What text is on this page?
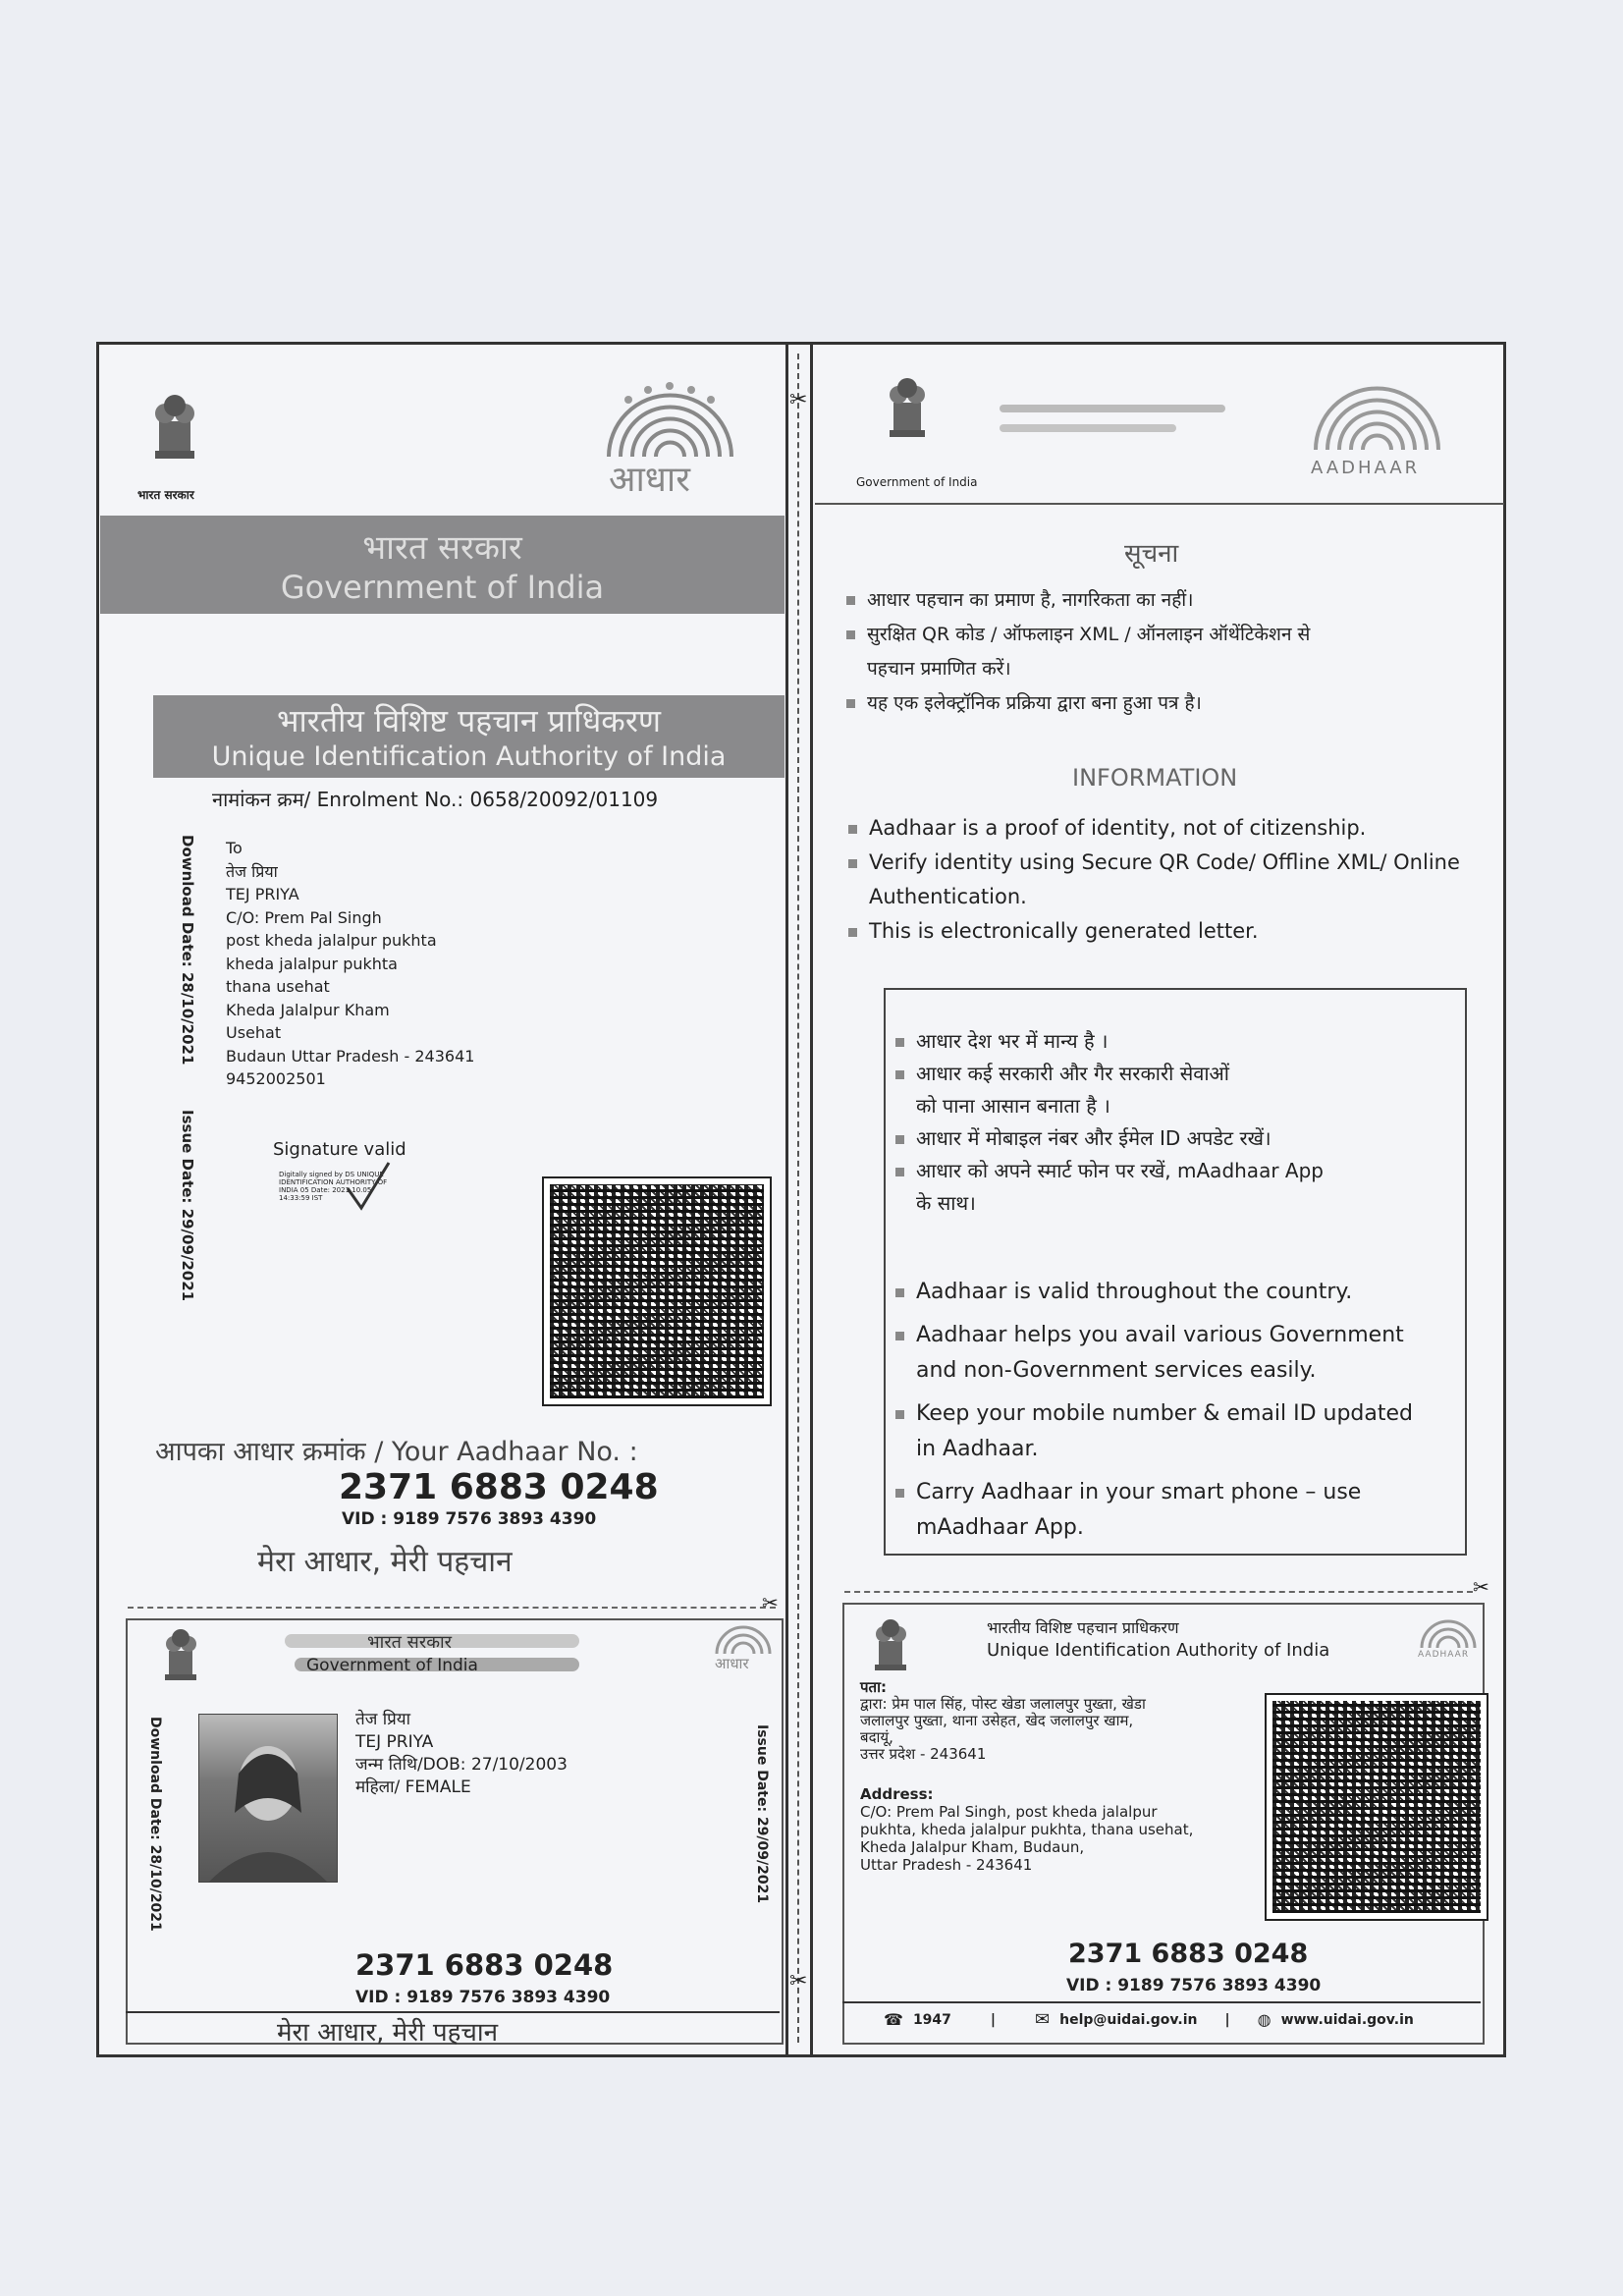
✂
✂
भारत सरकार	आधार
भारत सरकार
Government of India
भारतीय विशिष्ट पहचान प्राधिकरण
Unique Identification Authority of India
नामांकन क्रम/ Enrolment No.: 0658/20092/01109
Download Date: 28/10/2021
Issue Date: 29/09/2021
To
तेज प्रिया
TEJ PRIYA
C/O: Prem Pal Singh
post kheda jalalpur pukhta
kheda jalalpur pukhta
thana usehat
Kheda Jalalpur Kham
Usehat
Budaun Uttar Pradesh - 243641
9452002501
Signature valid
Digitally signed by DS UNIQUE IDENTIFICATION AUTHORITY OF INDIA 05 Date: 2021.10.05 14:33:59 IST
आपका आधार क्रमांक / Your Aadhaar No. :
2371 6883 0248
VID : 9189 7576 3893 4390
मेरा आधार, मेरी पहचान
Government of India
AADHAAR
सूचना
आधार पहचान का प्रमाण है, नागरिकता का नहीं।
सुरक्षित QR कोड / ऑफलाइन XML / ऑनलाइन ऑथेंटिकेशन से
पहचान प्रमाणित करें।
यह एक इलेक्ट्रॉनिक प्रक्रिया द्वारा बना हुआ पत्र है।
INFORMATION
Aadhaar is a proof of identity, not of citizenship.
Verify identity using Secure QR Code/ Offline XML/ Online
Authentication.
This is electronically generated letter.
आधार देश भर में मान्य है ।
आधार कई सरकारी और गैर सरकारी सेवाओं
को पाना आसान बनाता है ।
आधार में मोबाइल नंबर और ईमेल ID अपडेट रखें।
आधार को अपने स्मार्ट फोन पर रखें, mAadhaar App
के साथ।
Aadhaar is valid throughout the country.
Aadhaar helps you avail various Government
and non-Government services easily.
Keep your mobile number & email ID updated
in Aadhaar.
Carry Aadhaar in your smart phone – use
mAadhaar App.
✂
✂
भारत सरकार
Government of India	आधार
Download Date: 28/10/2021	Issue Date: 29/09/2021
तेज प्रिया
TEJ PRIYA
जन्म तिथि/DOB: 27/10/2003
महिला/ FEMALE
2371 6883 0248
VID : 9189 7576 3893 4390
मेरा आधार, मेरी पहचान
भारतीय विशिष्ट पहचान प्राधिकरण
Unique Identification Authority of India	AADHAAR
पता:
द्वारा: प्रेम पाल सिंह, पोस्ट खेडा जलालपुर पुख्ता, खेडा
जलालपुर पुख्ता, थाना उसेहत, खेद जलालपुर खाम,
बदायूं,
उत्तर प्रदेश - 243641
Address:
C/O: Prem Pal Singh, post kheda jalalpur
pukhta, kheda jalalpur pukhta, thana usehat,
Kheda Jalalpur Kham, Budaun,
Uttar Pradesh - 243641
2371 6883 0248
VID : 9189 7576 3893 4390
☎ 1947	| ✉ help@uidai.gov.in | ◍ www.uidai.gov.in
